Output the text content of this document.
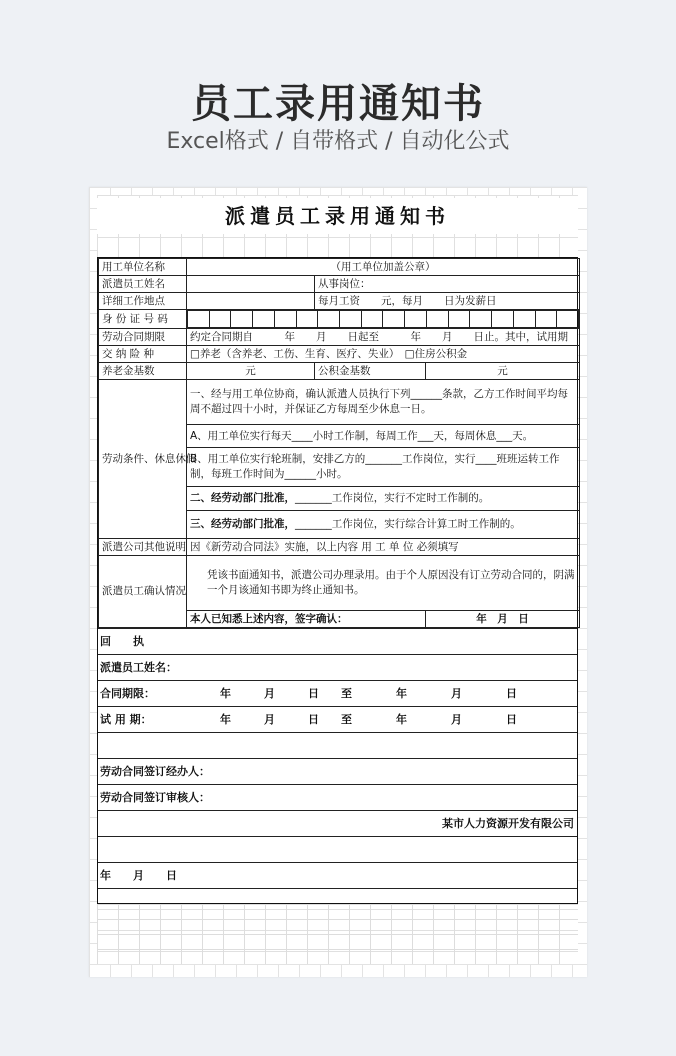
员工录用通知书
Excel格式 / 自带格式 / 自动化公式
派遣员工录用通知书
用工单位名称	（用工单位加盖公章）
派遣员工姓名		从事岗位：
详细工作地点		每月工资　　元，每月　　日为发薪日
身 份 证 号 码	

劳动合同期限	约定合同期自　　　年　　月　　日起至　　　年　　月　　日止。其中，试用期
交 纳 险 种	□养老（含养老、工伤、生育、医疗、失业）　□住房公积金
养老金基数	元	公积金基数	元
劳动条件、休息休假	一、经与用工单位协商，确认派遣人员执行下列______条款，乙方工作时间平均每周不超过四十小时，并保证乙方每周至少休息一日。
A、用工单位实行每天____小时工作制，每周工作___天，每周休息___天。
B、用工单位实行轮班制，安排乙方的_______工作岗位，实行____班班运转工作制，每班工作时间为______小时。
二、经劳动部门批准，_______工作岗位，实行不定时工作制的。
三、经劳动部门批准，_______工作岗位，实行综合计算工时工作制的。
派遣公司其他说明	因《新劳动合同法》实施，以上内容 用 工 单 位 必须填写
派遣员工确认情况	凭该书面通知书，派遣公司办理录用。由于个人原因没有订立劳动合同的，阴满一个月该通知书即为终止通知书。
本人已知悉上述内容，签字确认：	年　月　日
回　　执
派遣员工姓名：
合同期限：	年　　　月　　　日　　至　　　　年　　　　月　　　　日
试 用 期：	年　　　月　　　日　　至　　　　年　　　　月　　　　日

劳动合同签订经办人：
劳动合同签订审核人：
某市人力资源开发有限公司

年　　月　　日
